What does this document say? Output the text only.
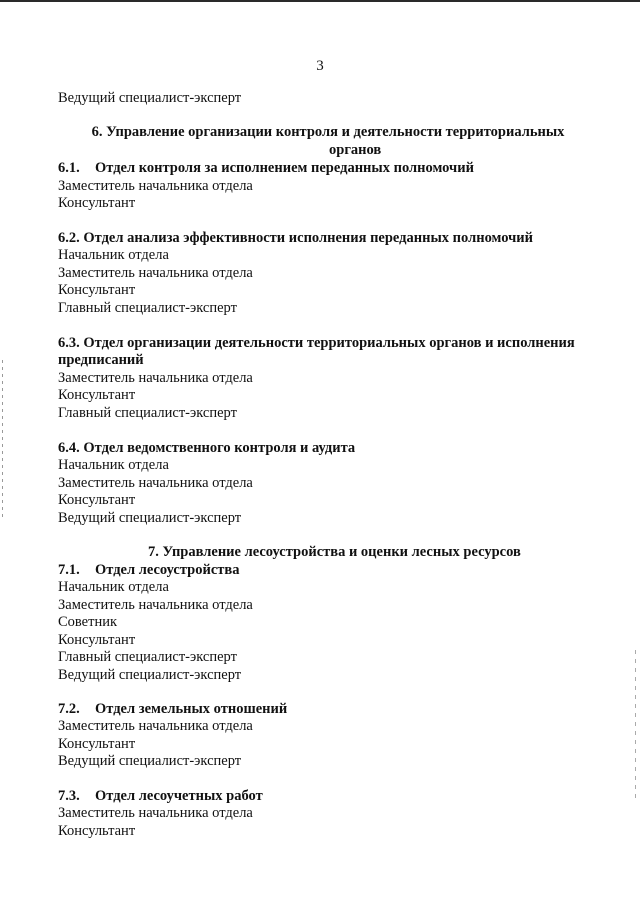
3
Ведущий специалист-эксперт
6. Управление организации контроля и деятельности территориальных
органов
6.1. Отдел контроля за исполнением переданных полномочий
Заместитель начальника отдела
Консультант
6.2. Отдел анализа эффективности исполнения переданных полномочий
Начальник отдела
Заместитель начальника отдела
Консультант
Главный специалист-эксперт
6.3. Отдел организации деятельности территориальных органов и исполнения
предписаний
Заместитель начальника отдела
Консультант
Главный специалист-эксперт
6.4. Отдел ведомственного контроля и аудита
Начальник отдела
Заместитель начальника отдела
Консультант
Ведущий специалист-эксперт
7. Управление лесоустройства и оценки лесных ресурсов
7.1. Отдел лесоустройства
Начальник отдела
Заместитель начальника отдела
Советник
Консультант
Главный специалист-эксперт
Ведущий специалист-эксперт
7.2. Отдел земельных отношений
Заместитель начальника отдела
Консультант
Ведущий специалист-эксперт
7.3. Отдел лесоучетных работ
Заместитель начальника отдела
Консультант
